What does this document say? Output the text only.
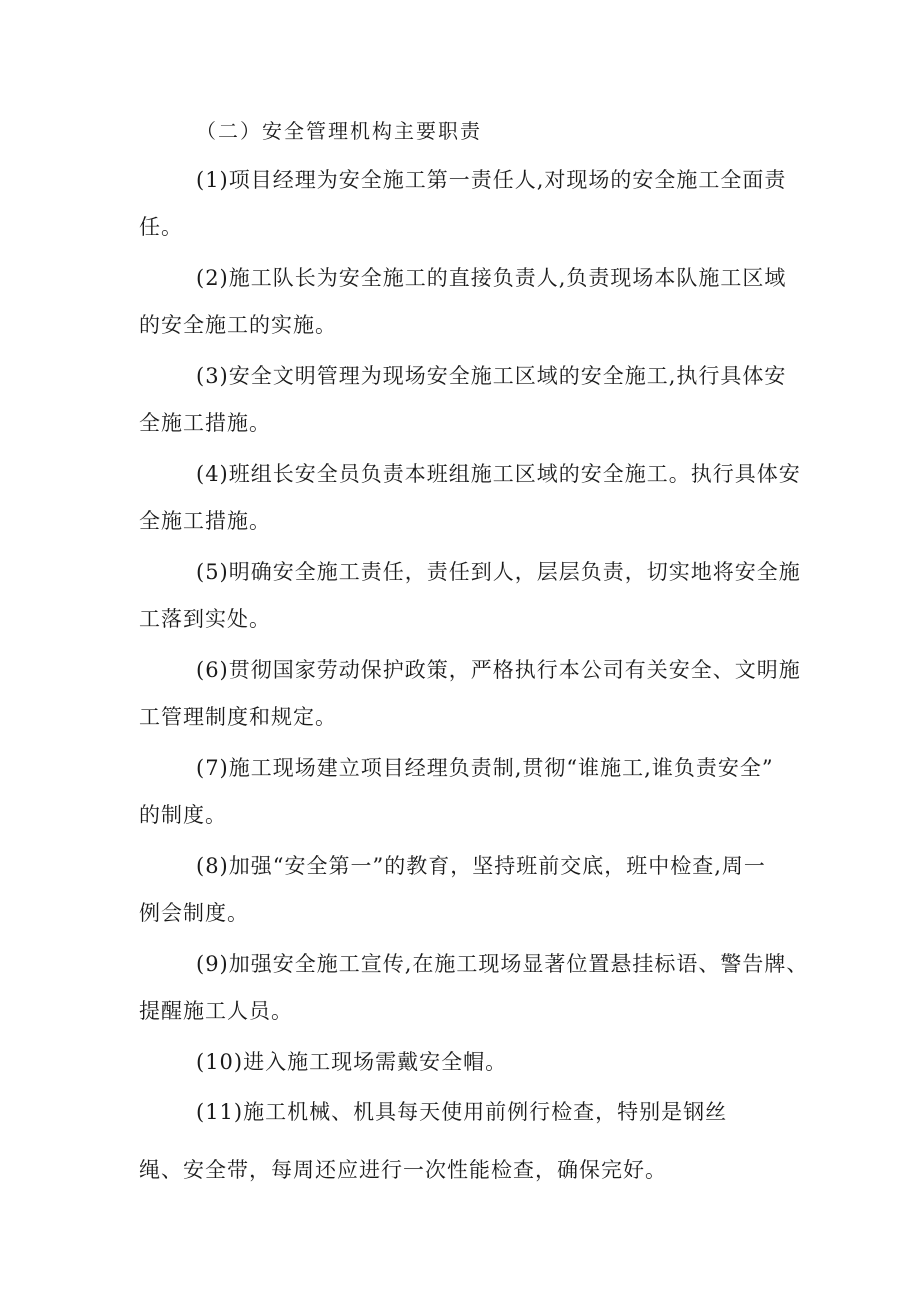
（二）安全管理机构主要职责
(1)项目经理为安全施工第一责任人,对现场的安全施工全面责
任。
(2)施工队长为安全施工的直接负责人,负责现场本队施工区域
的安全施工的实施。
(3)安全文明管理为现场安全施工区域的安全施工,执行具体安
全施工措施。
(4)班组长安全员负责本班组施工区域的安全施工。执行具体安
全施工措施。
(5)明确安全施工责任，责任到人，层层负责，切实地将安全施
工落到实处。
(6)贯彻国家劳动保护政策，严格执行本公司有关安全、文明施
工管理制度和规定。
(7)施工现场建立项目经理负责制,贯彻“谁施工,谁负责安全”
的制度。
(8)加强“安全第一”的教育，坚持班前交底，班中检查,周一
例会制度。
(9)加强安全施工宣传,在施工现场显著位置悬挂标语、警告牌、
提醒施工人员。
(10)进入施工现场需戴安全帽。
(11)施工机械、机具每天使用前例行检查，特别是钢丝
绳、安全带，每周还应进行一次性能检查，确保完好。
